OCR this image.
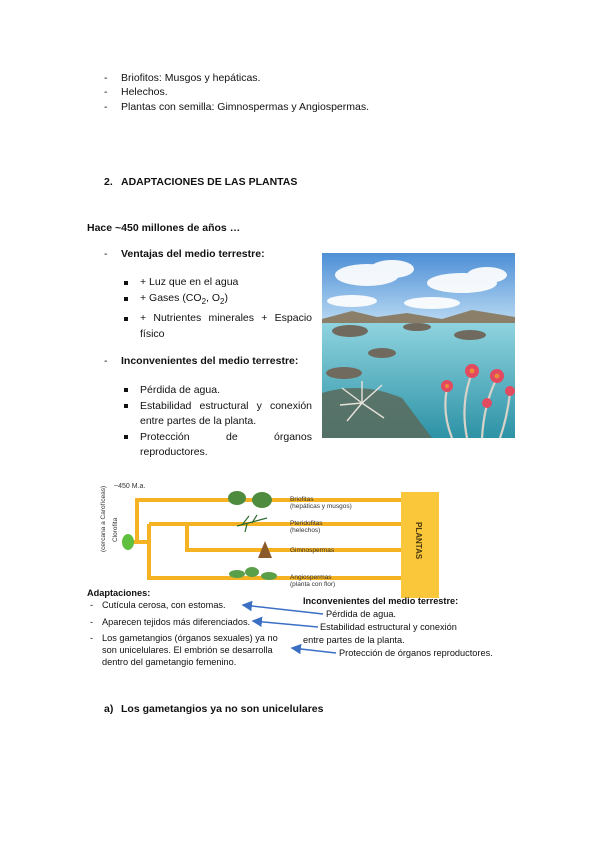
- Briofitos: Musgos y hepáticas.
- Helechos.
- Plantas con semilla: Gimnospermas y Angiospermas.
2. ADAPTACIONES DE LAS PLANTAS
Hace ~450 millones de años …
- Ventajas del medio terrestre:
+ Luz que en el agua
+ Gases ($CO_2$, $O_2$)
+ Nutrientes minerales + Espacio
físico
- Inconvenientes del medio terrestre:
Pérdida de agua.
Estabilidad estructural y conexión
entre partes de la planta.
Protección de órganos
reproductores.
~450 M.a.
(cercana a Carofíceas) Clorofita	PLANTAS
Briofitas
(hepáticas y musgos)
Pteridofitas
(helechos)
Gimnospermas
Angiospermas
(planta con flor)
Adaptaciones:
- Cutícula cerosa, con estomas.
- Aparecen tejidos más diferenciados.
- Los gametangios (órganos sexuales) ya no
son unicelulares. El embrión se desarrolla
dentro del gametangio femenino.
Inconvenientes del medio terrestre:
Pérdida de agua.
Estabilidad estructural y conexión
entre partes de la planta.
Protección de órganos reproductores.
a) Los gametangios ya no son unicelulares
